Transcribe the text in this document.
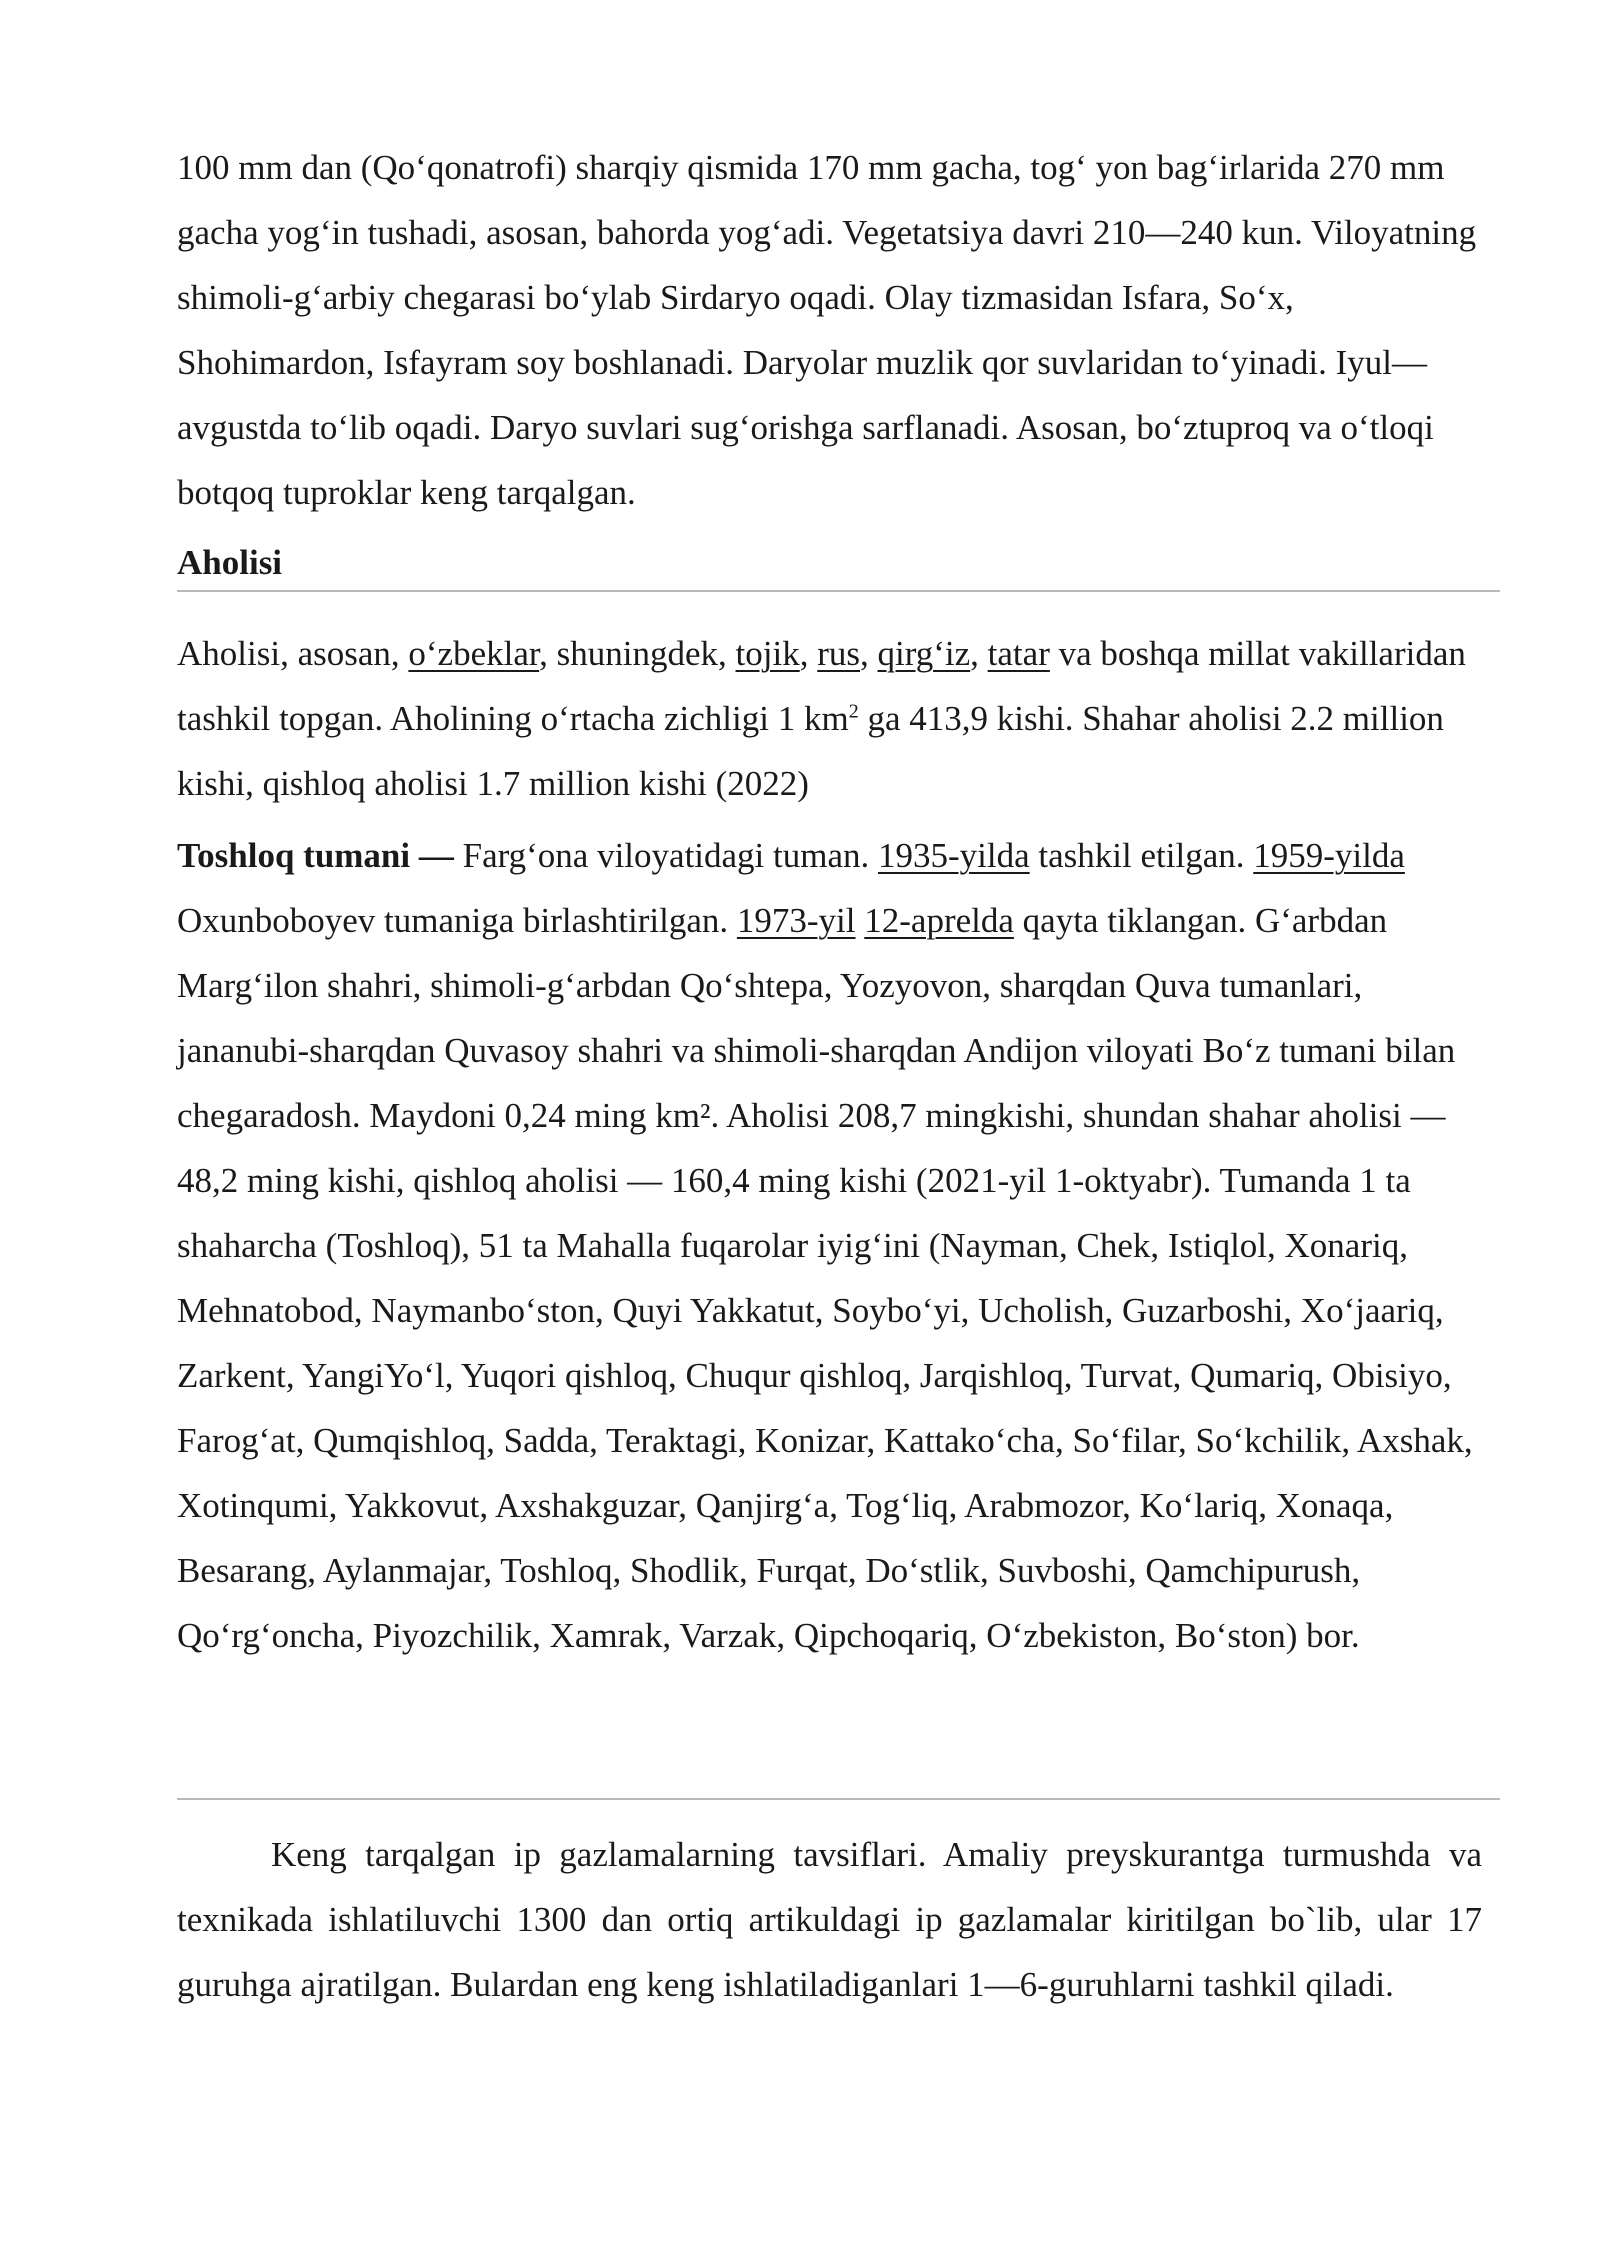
100 mm dan (Qoʻqonatrofi) sharqiy qismida 170 mm gacha, togʻ yon bagʻirlarida 270 mm gacha yogʻin tushadi, asosan, bahorda yogʻadi. Vegetatsiya davri 210—240 kun. Viloyatning shimoli-gʻarbiy chegarasi boʻylab Sirdaryo oqadi. Olay tizmasidan Isfara, Soʻx, Shohimardon, Isfayram soy boshlanadi. Daryolar muzlik qor suvlaridan toʻyinadi. Iyul— avgustda toʻlib oqadi. Daryo suvlari sugʻorishga sarflanadi. Asosan, boʻztuproq va oʻtloqi botqoq tuproklar keng tarqalgan.

Aholisi

Aholisi, asosan, oʻzbeklar, shuningdek, tojik, rus, qirgʻiz, tatar va boshqa millat vakillaridan tashkil topgan. Aholining oʻrtacha zichligi 1 $km^2$ ga 413,9 kishi. Shahar aholisi 2.2 million kishi, qishloq aholisi 1.7 million kishi (2022)

Toshloq tumani — Fargʻona viloyatidagi tuman. 1935-yilda tashkil etilgan. 1959-yilda Oxunboboyev tumaniga birlashtirilgan. 1973-yil 12-aprelda qayta tiklangan. Gʻarbdan Margʻilon shahri, shimoli-gʻarbdan Qoʻshtepa, Yozyovon, sharqdan Quva tumanlari, jananubi-sharqdan Quvasoy shahri va shimoli-sharqdan Andijon viloyati Boʻz tumani bilan chegaradosh. Maydoni 0,24 ming km². Aholisi 208,7 mingkishi, shundan shahar aholisi — 48,2 ming kishi, qishloq aholisi — 160,4 ming kishi (2021-yil 1-oktyabr). Tumanda 1 ta shaharcha (Toshloq), 51 ta Mahalla fuqarolar iyigʻini (Nayman, Chek, Istiqlol, Xonariq, Mehnatobod, Naymanboʻston, Quyi Yakkatut, Soyboʻyi, Ucholish, Guzarboshi, Xoʻjaariq, Zarkent, YangiYoʻl, Yuqori qishloq, Chuqur qishloq, Jarqishloq, Turvat, Qumariq, Obisiyo, Farogʻat, Qumqishloq, Sadda, Teraktagi, Konizar, Kattakoʻcha, Soʻfilar, Soʻkchilik, Axshak, Xotinqumi, Yakkovut, Axshakguzar, Qanjirgʻa, Togʻliq, Arabmozor, Koʻlariq, Xonaqa, Besarang, Aylanmajar, Toshloq, Shodlik, Furqat, Doʻstlik, Suvboshi, Qamchipurush, Qoʻrgʻoncha, Piyozchilik, Xamrak, Varzak, Qipchoqariq, Oʻzbekiston, Boʻston) bor.

Keng tarqalgan ip gazlamalarning tavsiflari. Amaliy preyskurantga turmushda va texnikada ishlatiluvchi 1300 dan ortiq artikuldagi ip gazlamalar kiritilgan bo`lib, ular 17 guruhga ajratilgan. Bulardan eng keng ishlatiladiganlari 1—6-guruhlarni tashkil qiladi.
